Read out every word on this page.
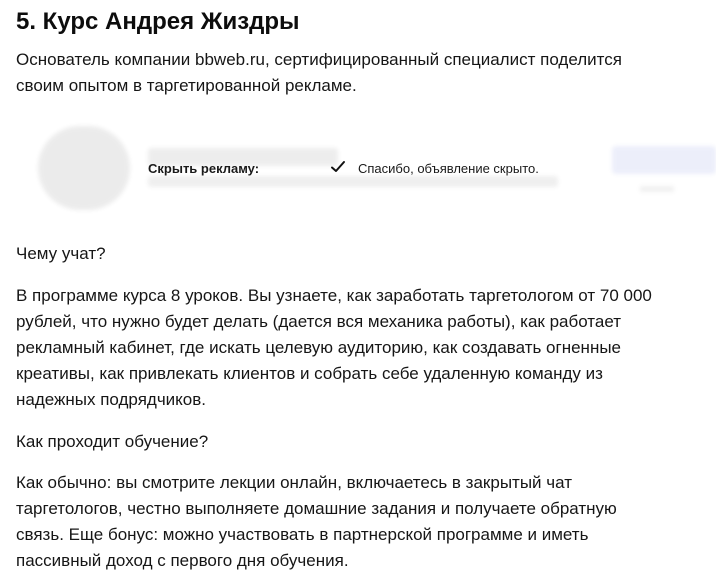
5. Курс Андрея Жиздры

Основатель компании bbweb.ru, сертифицированный специалист поделится своим опытом в таргетированной рекламе.

Чему учат?

В программе курса 8 уроков. Вы узнаете, как заработать таргетологом от 70 000 рублей, что нужно будет делать (дается вся механика работы), как работает рекламный кабинет, где искать целевую аудиторию, как создавать огненные креативы, как привлекать клиентов и собрать себе удаленную команду из надежных подрядчиков.

Как проходит обучение?

Как обычно: вы смотрите лекции онлайн, включаетесь в закрытый чат таргетологов, честно выполняете домашние задания и получаете обратную связь. Еще бонус: можно участвовать в партнерской программе и иметь пассивный доход с первого дня обучения.

Скрыть рекламу:	Спасибо, объявление скрыто.
